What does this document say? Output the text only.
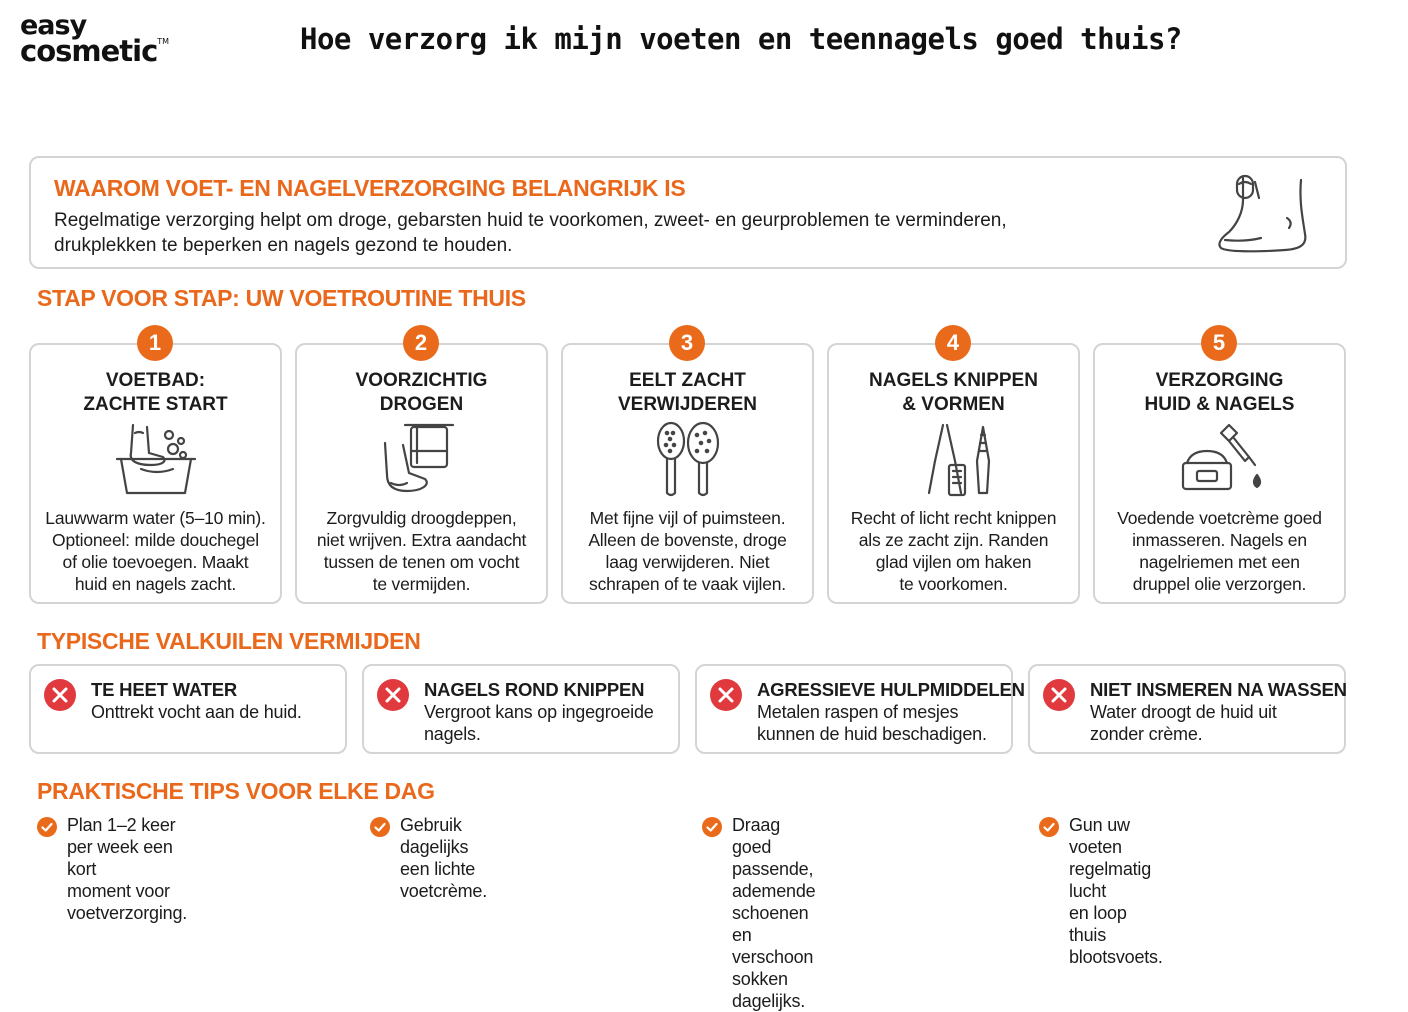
easy
cosmetic™	Hoe verzorg ik mijn voeten en teennagels goed thuis?
WAAROM VOET- EN NAGELVERZORGING BELANGRIJK IS
Regelmatige verzorging helpt om droge, gebarsten huid te voorkomen, zweet- en geurproblemen te verminderen, drukplekken te beperken en nagels gezond te houden.
STAP VOOR STAP: UW VOETROUTINE THUIS
VOETBAD:
ZACHTE START
Lauwwarm water (5–10 min).
Optioneel: milde douchegel
of olie toevoegen. Maakt
huid en nagels zacht.
1
VOORZICHTIG
DROGEN
Zorgvuldig droogdeppen,
niet wrijven. Extra aandacht
tussen de tenen om vocht
te vermijden.
2
EELT ZACHT
VERWIJDEREN
Met fijne vijl of puimsteen.
Alleen de bovenste, droge
laag verwijderen. Niet
schrapen of te vaak vijlen.
3
NAGELS KNIPPEN
& VORMEN
Recht of licht recht knippen
als ze zacht zijn. Randen
glad vijlen om haken
te voorkomen.
4
VERZORGING
HUID & NAGELS
Voedende voetcrème goed
inmasseren. Nagels en
nagelriemen met een
druppel olie verzorgen.
5
TYPISCHE VALKUILEN VERMIJDEN
TE HEET WATER
Onttrekt vocht aan de huid.
NAGELS ROND KNIPPEN
Vergroot kans op ingegroeide
nagels.
AGRESSIEVE HULPMIDDELEN
Metalen raspen of mesjes
kunnen de huid beschadigen.
NIET INSMEREN NA WASSEN
Water droogt de huid uit
zonder crème.
PRAKTISCHE TIPS VOOR ELKE DAG
Plan 1–2 keer per week een kort
moment voor voetverzorging.
Gebruik dagelijks een lichte
voetcrème.
Draag goed passende, ademende
schoenen en verschoon sokken
dagelijks.
Gun uw voeten regelmatig lucht
en loop thuis blootsvoets.
